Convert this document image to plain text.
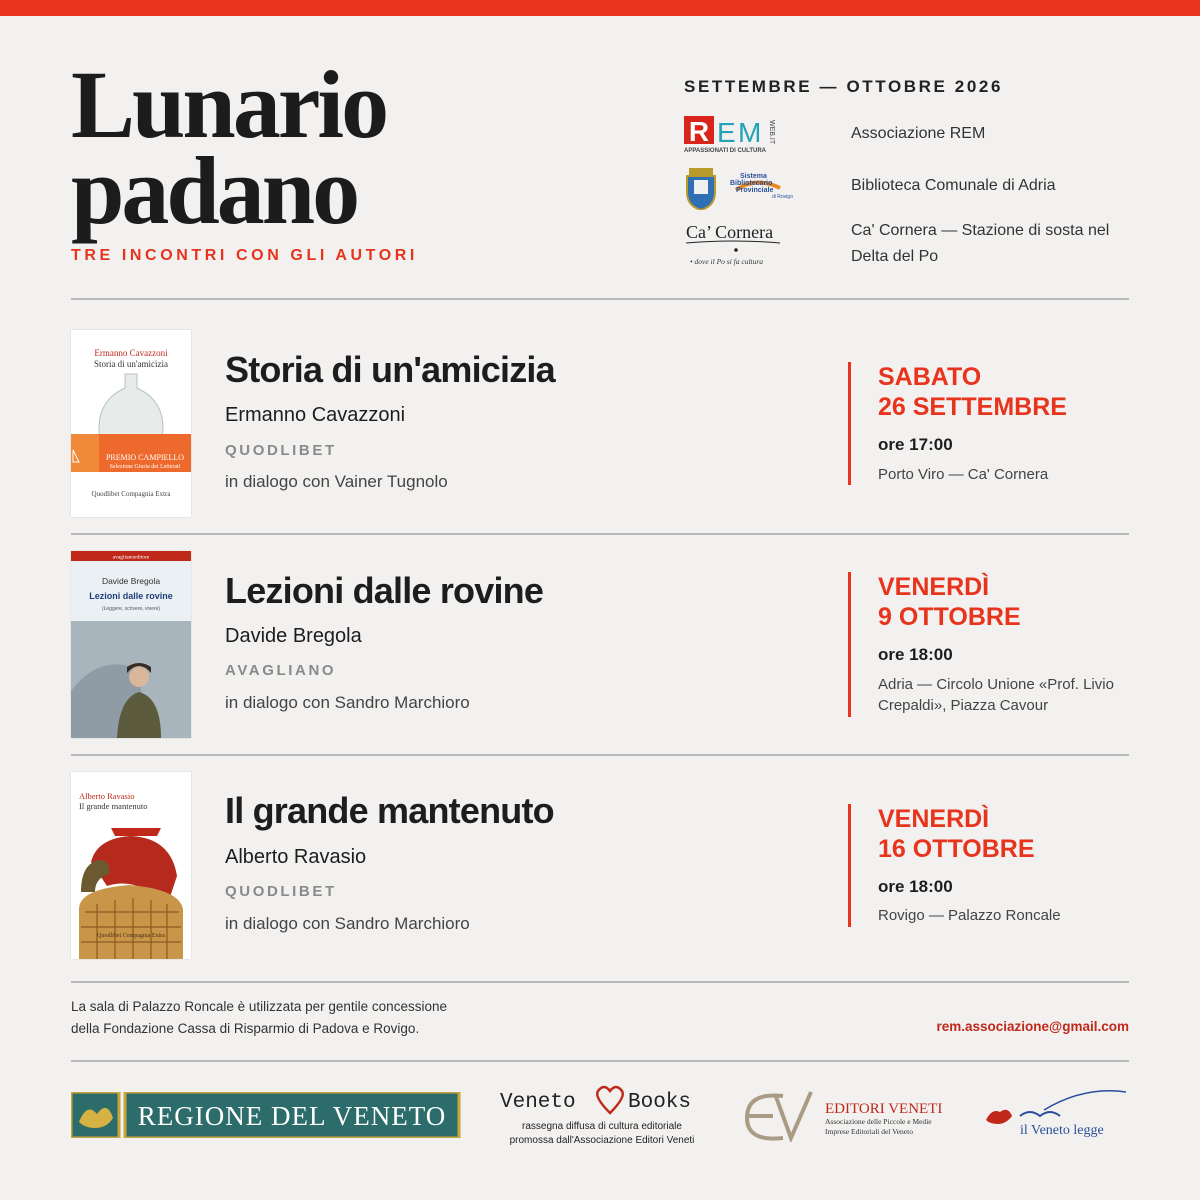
Lunario
padano
TRE INCONTRI CON GLI AUTORI
SETTEMBRE — OTTOBRE 2026
R E M WEB.IT
APPASSIONATI DI CULTURA
Associazione REM
Sistema
Bibliotecario
Provinciale
di Rovigo
Biblioteca Comunale di Adria
Ca’ Cornera
• dove il Po si fa cultura
Ca' Cornera — Stazione di sosta nel Delta del Po
Ermanno Cavazzoni
Storia di un'amicizia
PREMIO CAMPIELLO
Selezione Giuria dei Letterati
Quodlibet Compagnia Extra
Storia di un'amicizia
Ermanno Cavazzoni
QUODLIBET
in dialogo con Vainer Tugnolo
SABATO
26 SETTEMBRE
ore 17:00
Porto Viro — Ca' Cornera
avaglianoeditore
Davide Bregola
Lezioni dalle rovine
(Leggere, scrivere, vivere) Lezioni dalle rovine
Davide Bregola
AVAGLIANO
in dialogo con Sandro Marchioro
VENERDÌ
9 OTTOBRE
ore 18:00
Adria — Circolo Unione «Prof. Livio Crepaldi», Piazza Cavour
Alberto Ravasio
Il grande mantenuto
Quodlibet Compagnia Extra
Il grande mantenuto
Alberto Ravasio
QUODLIBET
in dialogo con Sandro Marchioro
VENERDÌ
16 OTTOBRE
ore 18:00
Rovigo — Palazzo Roncale
La sala di Palazzo Roncale è utilizzata per gentile concessione
della Fondazione Cassa di Risparmio di Padova e Rovigo.	rem.associazione@gmail.com
REGIONE DEL VENETO	Veneto Books
rassegna diffusa di cultura editoriale
promossa dall'Associazione Editori Veneti
EDITORI VENETI
Associazione delle Piccole e Medie
Imprese Editoriali del Veneto	il Veneto legge
